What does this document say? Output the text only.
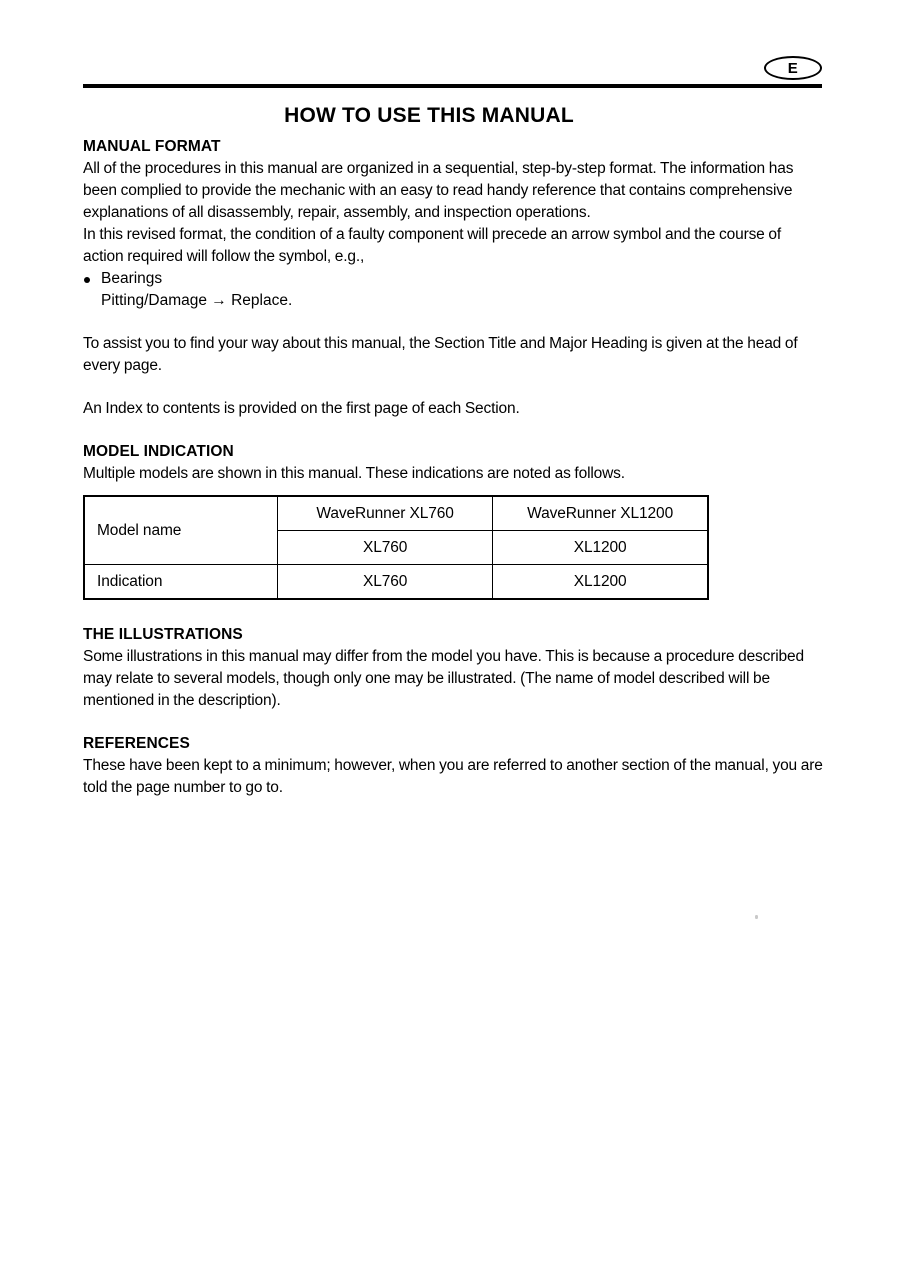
E
HOW TO USE THIS MANUAL
MANUAL FORMAT

All of the procedures in this manual are organized in a sequential, step-by-step format. The information has been complied to provide the mechanic with an easy to read handy reference that contains comprehensive explanations of all disassembly, repair, assembly, and inspection operations.

In this revised format, the condition of a faulty component will precede an arrow symbol and the course of action required will follow the symbol, e.g.,

Bearings
Pitting/Damage → Replace.

To assist you to find your way about this manual, the Section Title and Major Heading is given at the head of every page.

An Index to contents is provided on the first page of each Section.

MODEL INDICATION

Multiple models are shown in this manual. These indications are noted as follows.

Model name	WaveRunner XL760	WaveRunner XL1200
	XL760	XL1200
Indication	XL760	XL1200
THE ILLUSTRATIONS

Some illustrations in this manual may differ from the model you have. This is because a procedure described may relate to several models, though only one may be illustrated. (The name of model described will be mentioned in the description).

REFERENCES

These have been kept to a minimum; however, when you are referred to another section of the manual, you are told the page number to go to.
